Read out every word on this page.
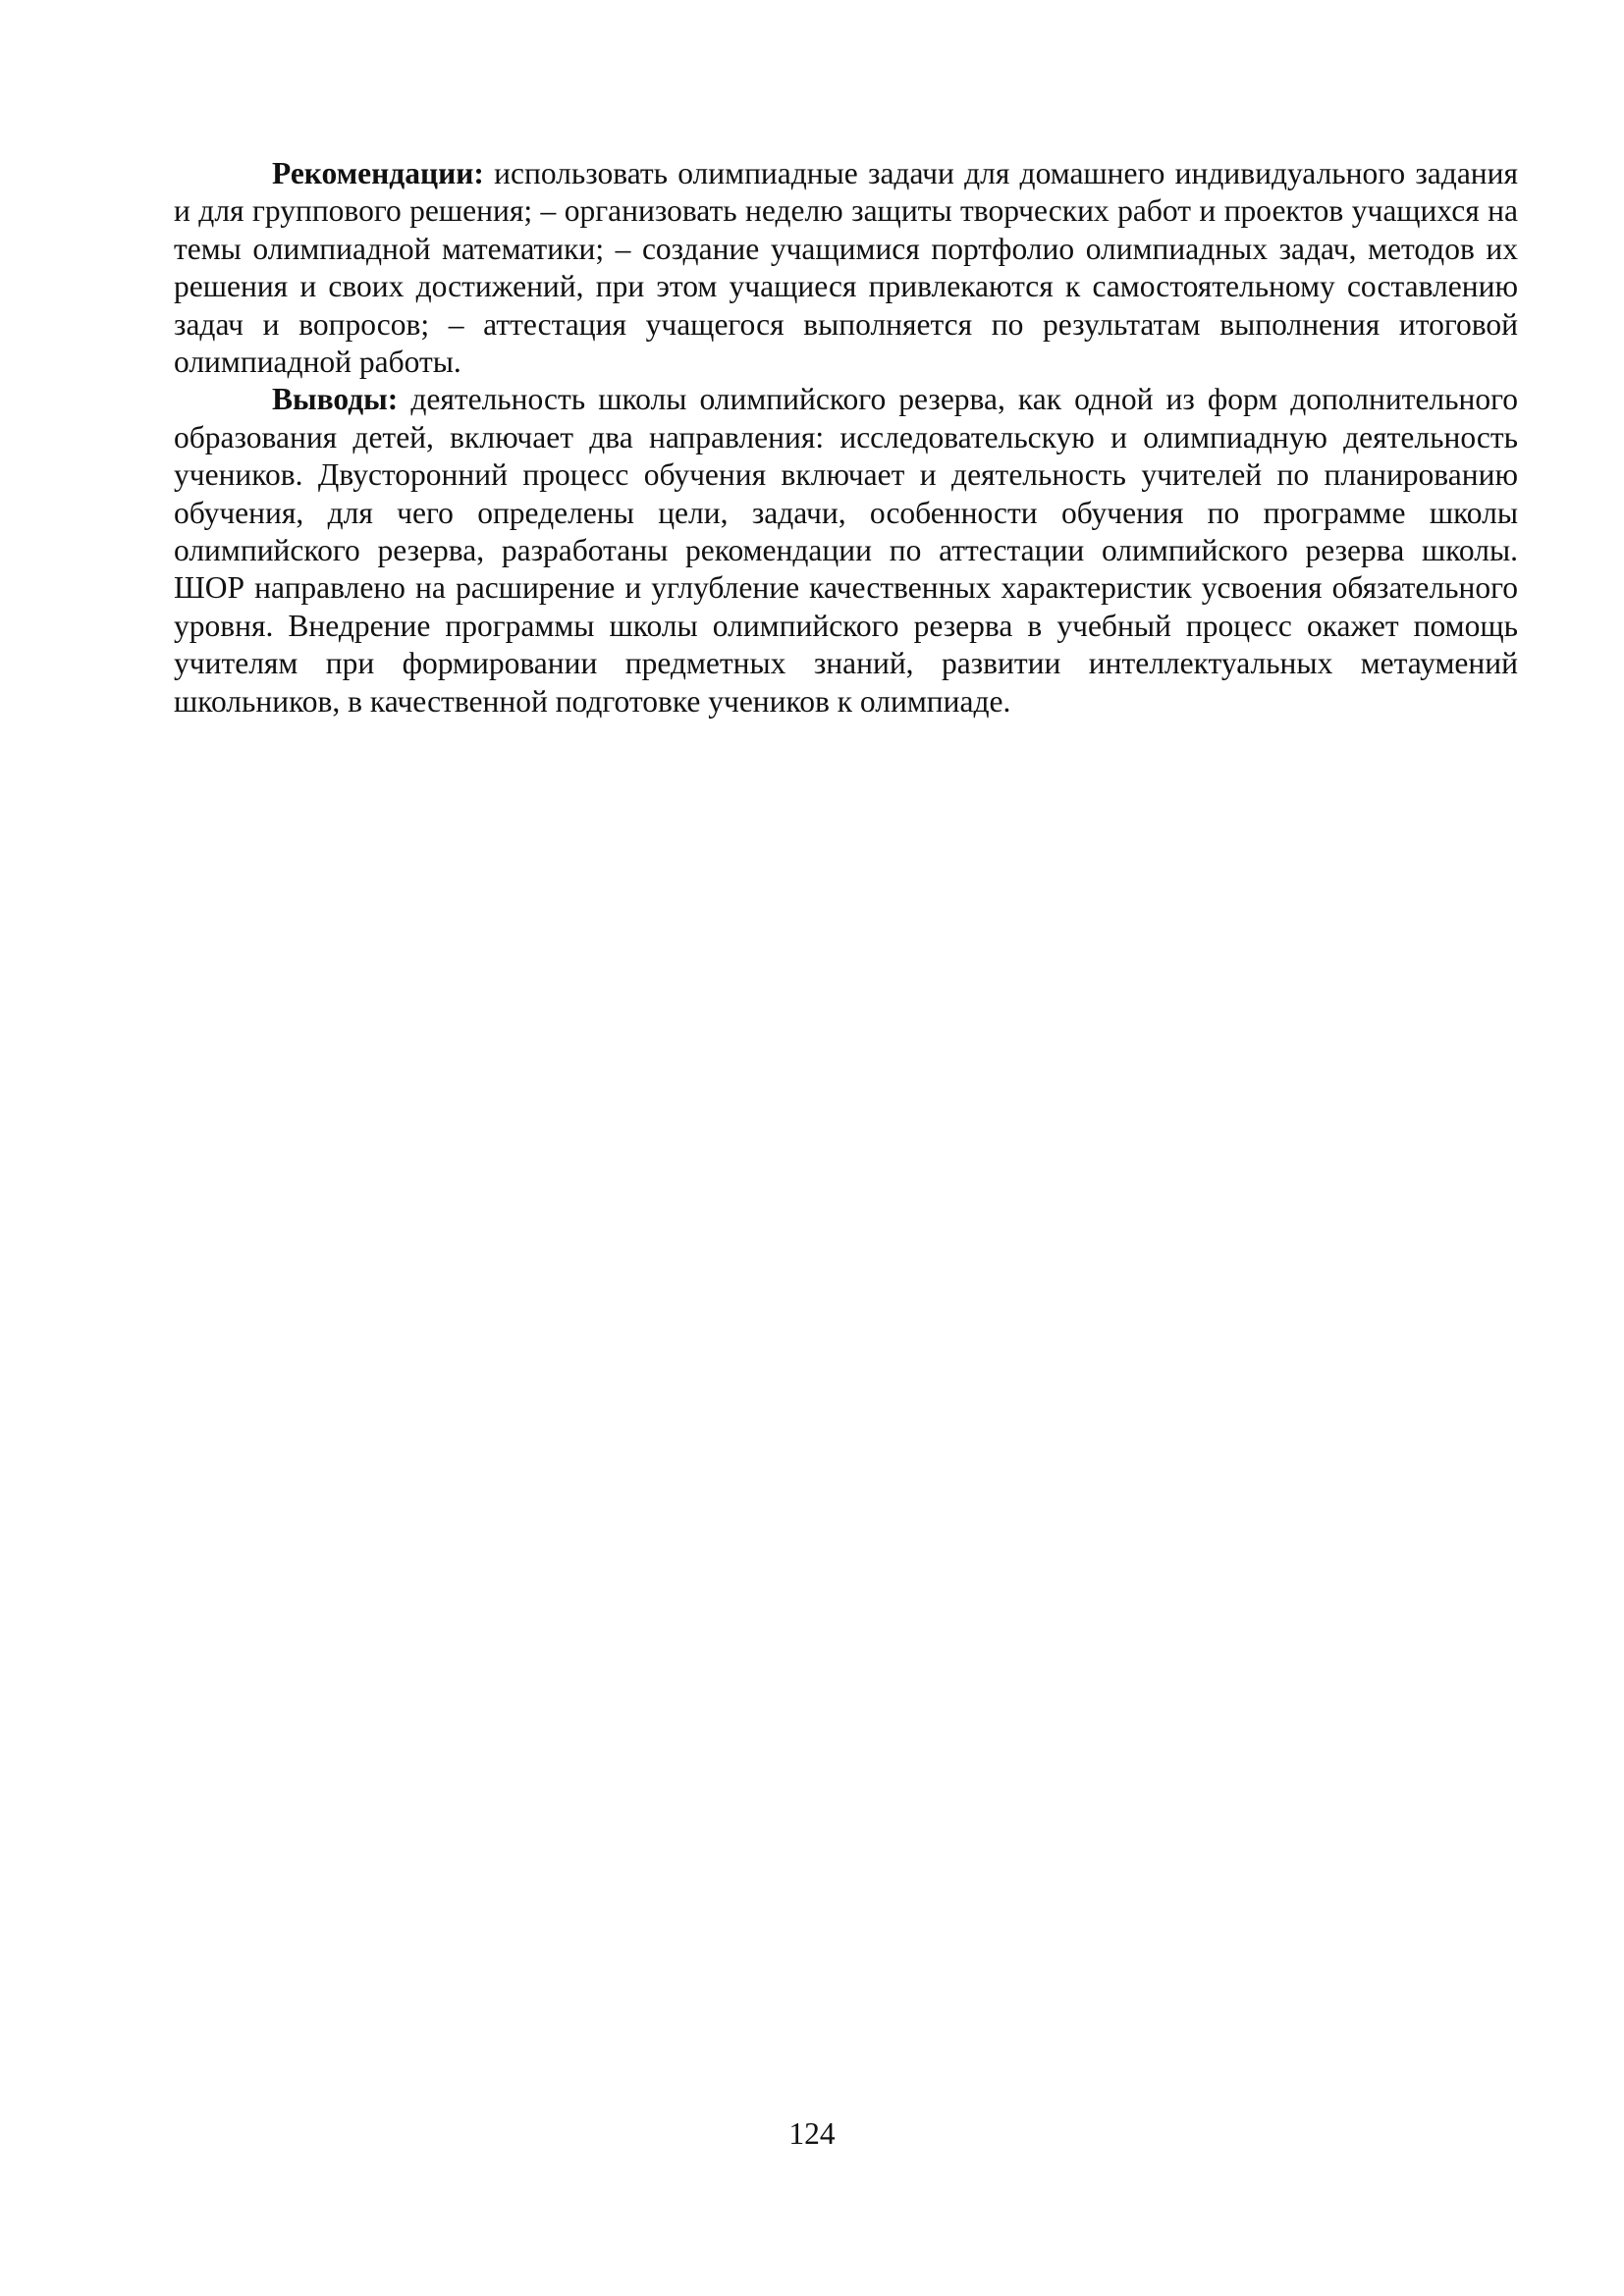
Рекомендации: использовать олимпиадные задачи для домашнего индивидуального задания и для группового решения; – организовать неделю защиты творческих работ и проектов учащихся на темы олимпиадной математики; – создание учащимися портфолио олимпиадных задач, методов их решения и своих достижений, при этом учащиеся привлекаются к самостоятельному составлению задач и вопросов; – аттестация учащегося выполняется по результатам выполнения итоговой олимпиадной работы.

Выводы: деятельность школы олимпийского резерва, как одной из форм дополнительного образования детей, включает два направления: исследовательскую и олимпиадную деятельность учеников. Двусторонний процесс обучения включает и деятельность учителей по планированию обучения, для чего определены цели, задачи, особенности обучения по программе школы олимпийского резерва, разработаны рекомендации по аттестации олимпийского резерва школы. ШОР направлено на расширение и углубление качественных характеристик усвоения обязательного уровня. Внедрение программы школы олимпийского резерва в учебный процесс окажет помощь учителям при формировании предметных знаний, развитии интеллектуальных метаумений школьников, в качественной подготовке учеников к олимпиаде.

124
